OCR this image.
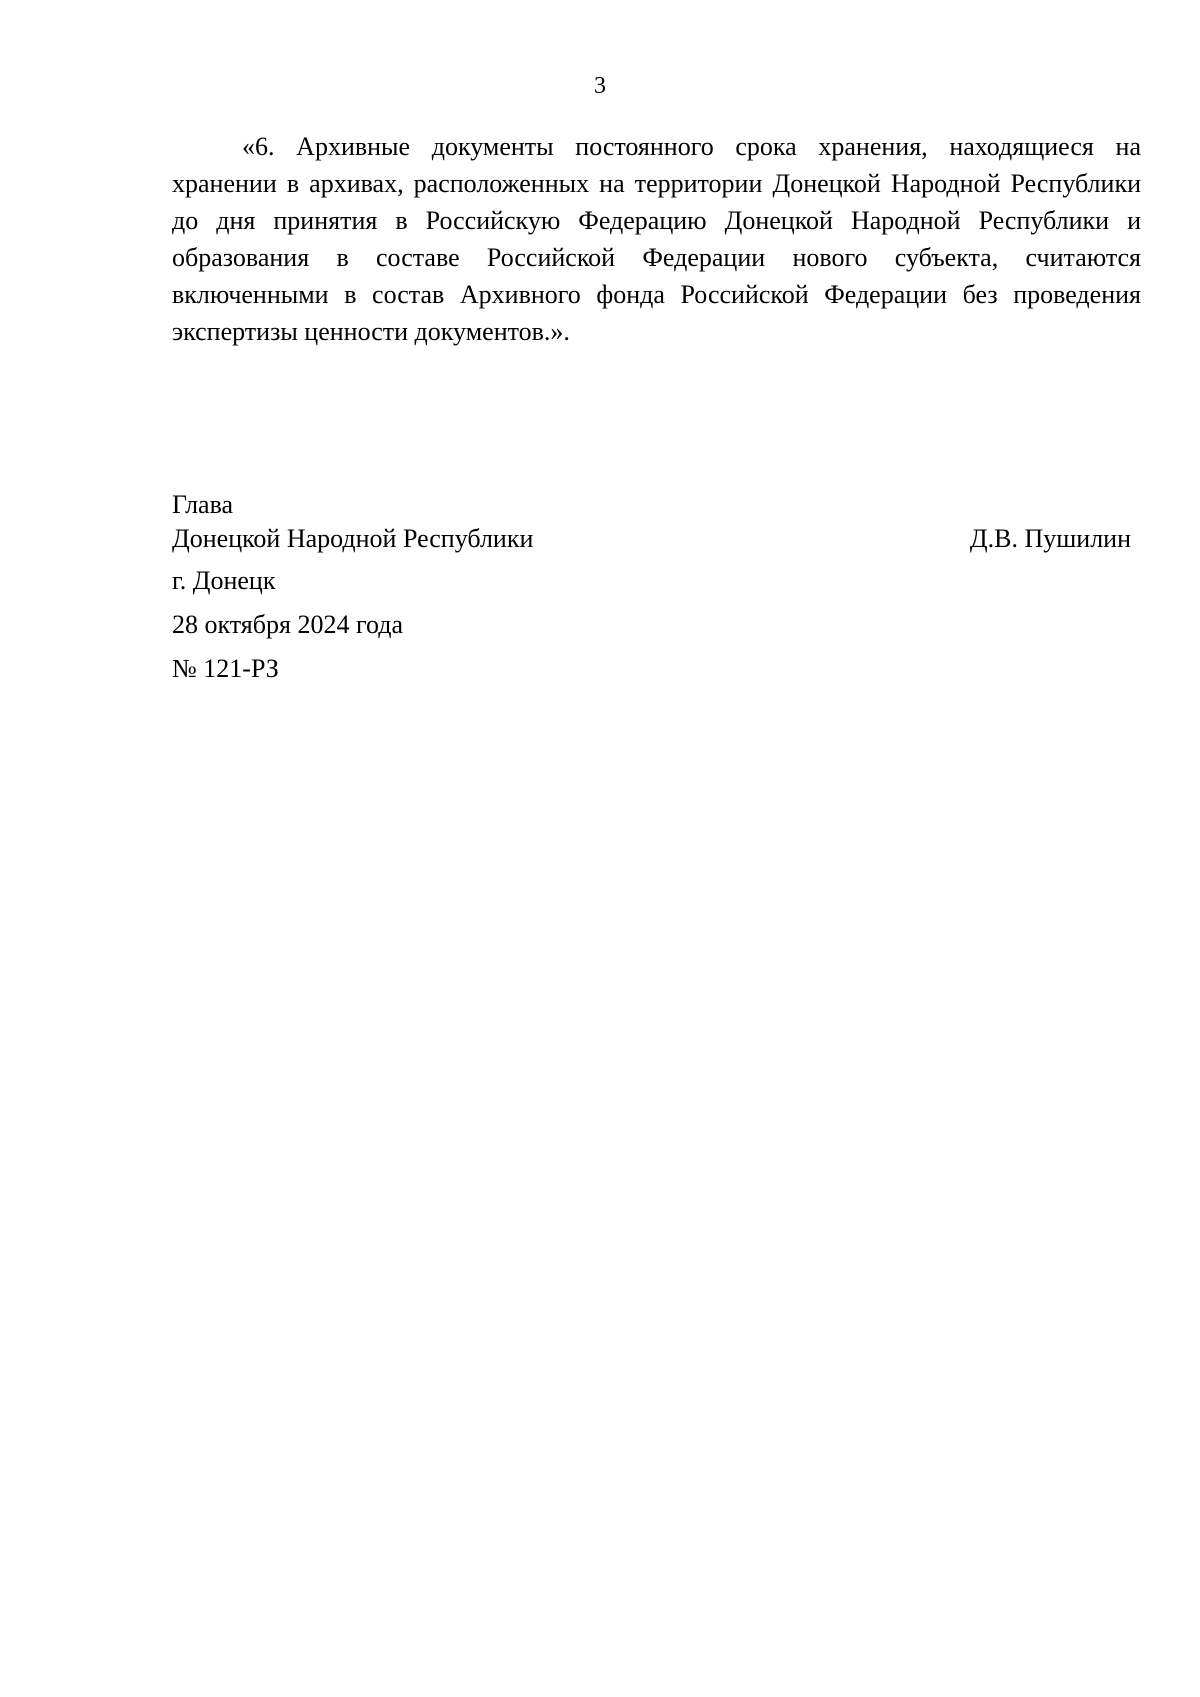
3

«6. Архивные документы постоянного срока хранения, находящиеся на хранении в архивах, расположенных на территории Донецкой Народной Республики до дня принятия в Российскую Федерацию Донецкой Народной Республики и образования в составе Российской Федерации нового субъекта, считаются включенными в состав Архивного фонда Российской Федерации без проведения экспертизы ценности документов.».

Глава
Донецкой Народной Республики	Д.В. Пушилин
г. Донецк
28 октября 2024 года
№ 121-РЗ
